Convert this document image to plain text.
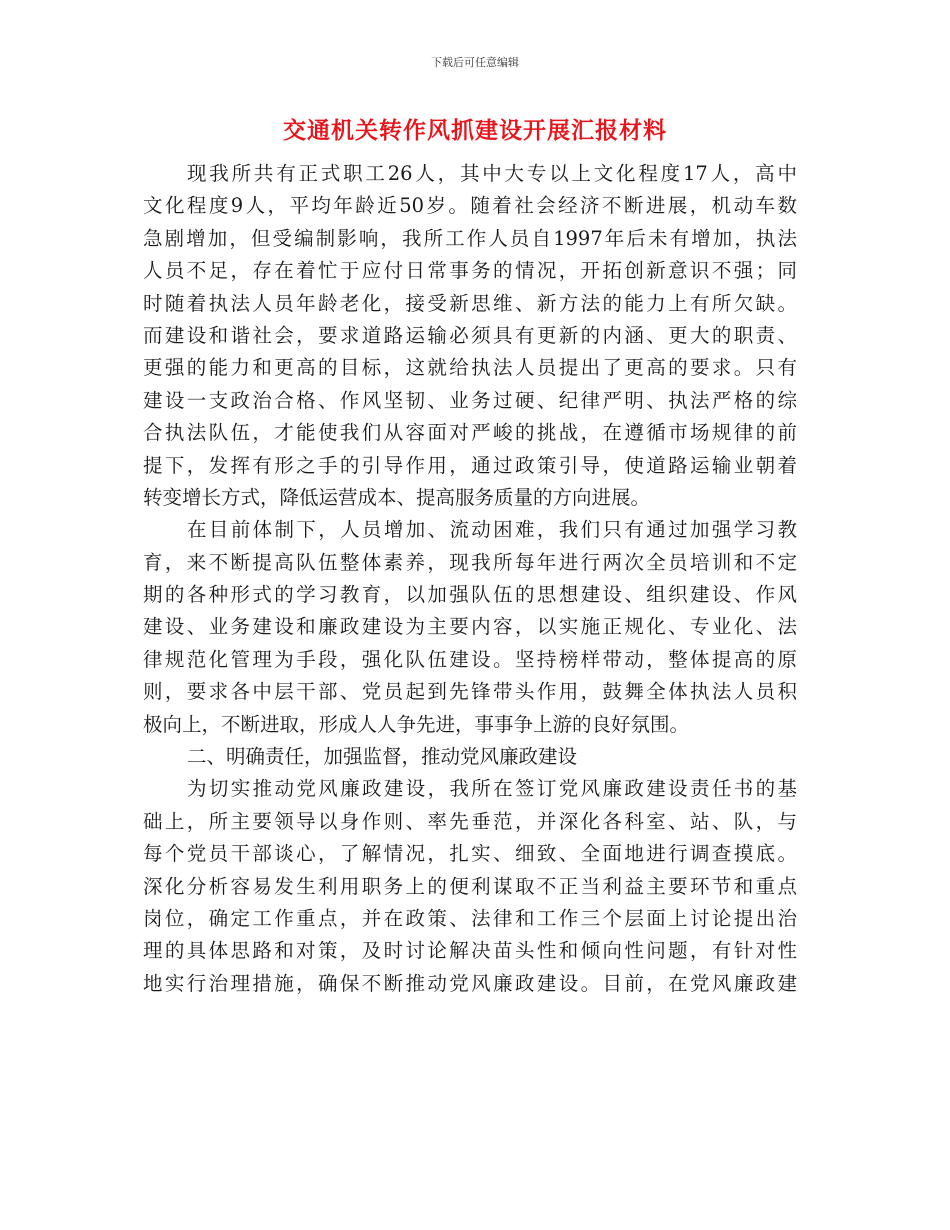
下载后可任意编辑
交通机关转作风抓建设开展汇报材料
现我所共有正式职工26人，其中大专以上文化程度17人，高中
文化程度9人，平均年龄近50岁。随着社会经济不断进展，机动车数
急剧增加，但受编制影响，我所工作人员自1997年后未有增加，执法
人员不足，存在着忙于应付日常事务的情况，开拓创新意识不强；同
时随着执法人员年龄老化，接受新思维、新方法的能力上有所欠缺。
而建设和谐社会，要求道路运输必须具有更新的内涵、更大的职责、
更强的能力和更高的目标，这就给执法人员提出了更高的要求。只有
建设一支政治合格、作风坚韧、业务过硬、纪律严明、执法严格的综
合执法队伍，才能使我们从容面对严峻的挑战，在遵循市场规律的前
提下，发挥有形之手的引导作用，通过政策引导，使道路运输业朝着
转变增长方式，降低运营成本、提高服务质量的方向进展。
在目前体制下，人员增加、流动困难，我们只有通过加强学习教
育，来不断提高队伍整体素养，现我所每年进行两次全员培训和不定
期的各种形式的学习教育，以加强队伍的思想建设、组织建设、作风
建设、业务建设和廉政建设为主要内容，以实施正规化、专业化、法
律规范化管理为手段，强化队伍建设。坚持榜样带动，整体提高的原
则，要求各中层干部、党员起到先锋带头作用，鼓舞全体执法人员积
极向上，不断进取，形成人人争先进，事事争上游的良好氛围。
二、明确责任，加强监督，推动党风廉政建设
为切实推动党风廉政建设，我所在签订党风廉政建设责任书的基
础上，所主要领导以身作则、率先垂范，并深化各科室、站、队，与
每个党员干部谈心，了解情况，扎实、细致、全面地进行调查摸底。
深化分析容易发生利用职务上的便利谋取不正当利益主要环节和重点
岗位，确定工作重点，并在政策、法律和工作三个层面上讨论提出治
理的具体思路和对策，及时讨论解决苗头性和倾向性问题，有针对性
地实行治理措施，确保不断推动党风廉政建设。目前，在党风廉政建
